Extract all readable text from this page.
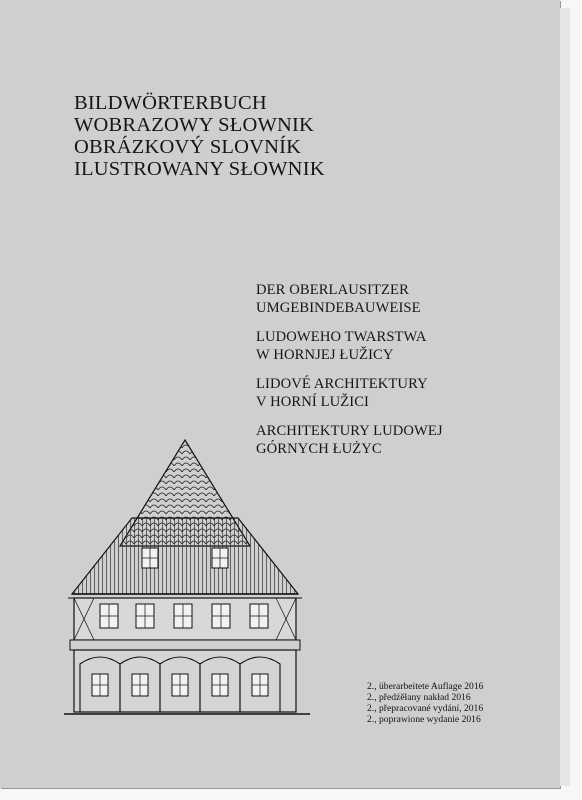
BILDWÖRTERBUCH
WOBRAZOWY SŁOWNIK
OBRÁZKOVÝ SLOVNÍK
ILUSTROWANY SŁOWNIK
DER OBERLAUSITZER
UMGEBINDEBAUWEISE
LUDOWEHO TWARSTWA
W HORNJEJ ŁUŽICY
LIDOVÉ ARCHITEKTURY
V HORNÍ LUŽICI
ARCHITEKTURY LUDOWEJ
GÓRNYCH ŁUŻYC
2., überarbeitete Auflage 2016
2., předźěłany nakład 2016
2., přepracované vydání, 2016
2., poprawione wydanie 2016
